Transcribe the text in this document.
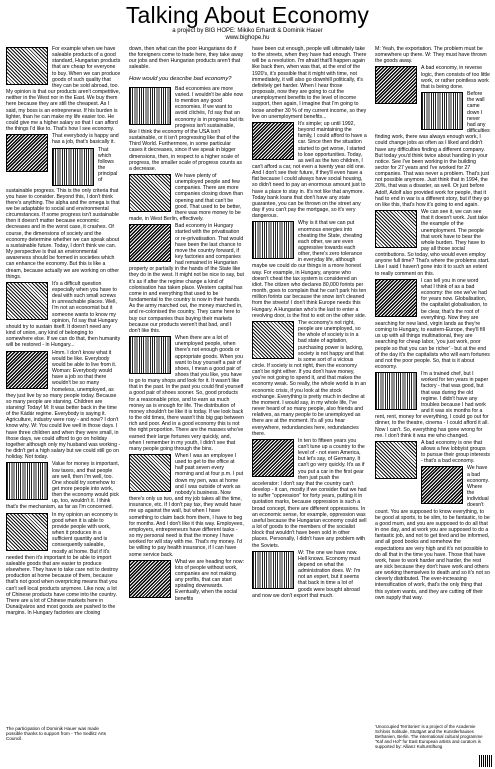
Talking About Economy
a project by BIG HOPE: Mikiko Erhardt & Dominik Hauer
www.bighope.hu

For example when we have saleable products of a good standard, Hungarian products that are cheap for everyone to buy. When we can produce goods of such quality that they can be sold abroad, too. My opinion is that our products aren't competitive, neither in the West nor in the East. We buy them here because they are still the cheapest. As I said, my boss is an entrepreneur. If his burden is lighter, than he can make my life easier too. He could give me a higher salary so that I can afford the things I'd like to. That's how I see economy.

That everybody is happy and has a job, that's basically it.

That which follows the principal of sustainable progress. This is the only criteria that you have to consider. Beyond this, I don't think there's anything. The alpha and the omega is that we be adaptable to social and environmental circumstances. If some progress isn't sustainable then it doesn't matter because economic decreases and in the worst case, it crashes. Of course, the dimensions of society and the economy determine whether we can speak about a sustainable future. Today, I don't think we can. My perspective is that an environmental awareness should be formed in societies which can enhance the economy. But this is like a dream, because actually we are working on other things.

It's a difficult question especially when you have to deal with such small screws in unreachable places. Well, I'm not an economist but it someone wants to know my opinion, I'd say that Hungary should try to sustain itself. It doesn't need any kind of union, any kind of belonging to somewhere else. If we can do that, then humanity will be restored - in Hungary...

Hmm. I don't know what it would be like. Everybody would be able to live from it. Woman: Everybody would have a job so that there wouldn't be so many homeless, unemployed, as they just live by so many people today. Because so many people are starving. Children are starving! Today! M: It was better back in the time of the Kádár regime. Everybody is saying it. Agriculture, industry were rosy - and now? I don't know why. W: You could live well in those days. I have three children and when they were small, in those days, we could afford to go on holiday together although only my husband was working - he didn't get a high salary but we could still go on holiday. Not today.

Value for money is important, low taxes, and that people are well, then I'm well, too. One should try somehow to get more people into work, then the economy would pick up, too, wouldn't it. I think that's the mechanism, as far as I'm concerned.

In my opinion an economy is good when it is able to provide people with work, when it produces in a sufficient quantity and is consequently saleable, mostly at home. But if it's needed then it's important to be able to import saleable goods that are easier to produce elsewhere. They have to take care not to destroy production at home because of them, because that's not good when overpricing means that you can't sell local products anymore. Like now, a lot of Chinese products have come into the country. There are a lot of Chinese markets here in Dunaújváros and most goods are pushed to the margins. In Hungary factories are closing

down, then what can the poor Hungarians do if the foreigners come to trade here, they take away our jobs and then Hungarian products aren't that saleable.

How would you describe bad economy?

Bad economies are more varied. I wouldn't be able now to mention any good economies. If we want to avoid clichés, I'd say that an economy is in progress but its progress isn't sustainable, like I think the economy of the USA isn't sustainable, or it isn't progressing like that of the Third World. Furthermore, in some particular cases it decreases, since if we speak in bigger dimensions, then, in respect to a higher scale of progress, the smaller scale of progress counts as a decrease.

We have plenty of unemployed people and few companies. There are more companies closing down than opening and that can't be good. That used to be better, there was more money to be made, in West Berlin, effectively.

Bad economy in Hungary started with the privatisation or re-privatisation. That would have been the last chance to move the country forward, if key factories and companies had remained in Hungarian property or partially in the hands of the State like they do in the west. It might not be nice to say, but it's as if after the regime change a kind of colonisation has taken place. Western capital has come in and everything that used to be fundamental to the country is now in their hands. As the army marched out, the money marched in, and re-colonised the country. They came here to buy our companies thus buying their markets because our products weren't that bad, and I don't like this.

When there are a lot of unemployed people, when there's not enough goods or appropriate goods. When you want to buy yourself a pair of shoes, I mean a good pair of shoes that you like, you have to go to many shops and look for it. It wasn't like that in the past. In the past you could find yourself a good pair of shoes sooner. So, good products for a reasonable price, and to earn as much money as is enough for life. The distribution of money shouldn't be like it is today. If we look back to the old times, there wasn't this big gap between rich and poor. And in a good economy this is not the right proportion. There are the masses who've earned their large fortunes very quickly, and, when I remember in my youth, I didn't see that many people going through the bins.

When I was an employee I used to get to the office at half past seven every morning and at four p.m. I put down my pen, was at home and I was outside of work as nobody's business. Now there's only us two, and my job takes all the time, insurance, etc. If I don't pay tax, they would have me up against the wall, but when I have something to claim back from them, I have to beg for months. And I don't like it this way. Employees, employers, entrepreneurs have different tasks - so my personal need is that the money I have worked for will stay with me. That's my money. I'd be willing to pay health insurance, if I can have some service back.

What we are heading for now: lots of people without work, companies are not making any profits, that can start spiraling downwards. Eventually, when the social benefits

have been cut enough, people will ultimately take to the streets, when they have had enough. There will be a revolution. I'm afraid that'll happen again like back then, when was that, at the end of the 1920's, it's possible that it might with time, not immediately, it will also go downhill politically, it's definitely get harder. When I hear those proposals, now they are going to cut the unemployment benefits to the level of income support, then again, I imagine that I'm going to loose another 30 % of my current income, so they live on unemployment benefits...

It's simple; up until 1992, beyond maintaining the family, I could afford to have a car. Since then the situation started to get worse, I started to lose opportunities. Today, as well as the two children, I can't afford a car, not even a twenty year old one. And I don't see their future, if they'll even have a flat because I could always have social housing, so didn't need to pay an enormous amount just to have a place to stay in. It's not like that anymore. Today bank loans that don't have any state guarantee, you can be thrown on the street any day if you can't pay the mortgage, so it's very dangerous.

Why is it that we can put enormous energies into cheating the State, cheating each other, we are even aggressive towards each other, there's zero tolerance in everyday life, although maybe we could do our things in a more honest way. For example, in Hungary, anyone who doesn't cheat the tax system is considered an idiot. The citizen who declares 80,000 forints per month, goes to complain that he can't park his ten million forints car because the snow isn't cleaned from the streets! I don't think Europe needs this Hungary. A Hungarian who's the last to enter a revolving door, is the first to exit on the other side.

The economy's not right, people are unemployed, so the whole of society is in a bad state of agitation, purchasing power is lacking, society is not happy and that is some sort of a vicious circle. If society is not right, then the economy can't be right either. If you don't have money, you're not going to spend it, and that makes the economy weak. So really, the whole world is in an economic crisis, if you look at the stock exchange. Everything is pretty much in decline at the moment. I would say, in my whole life, I've never heard of so many people, also friends and relatives, as many people to be unemployed as there are at the moment. It's all you hear everywhere, redundancies here, redundancies there.

In ten to fifteen years you can't tune up a country to the level of - not even America, but let's say, of Germany. It can't go very quickly. It's as if you put a car in the first gear then just push the accelerator: I don't say that the country can't develop - it can, mostly if we consider that we had to suffer "oppression" for forty years, putting it in quotation marks, because oppression is such a broad concept, there are different oppressions. In an economic sense, for example, oppression was useful because the Hungarian economy could sell a lot of goods to the members of the socialist block that wouldn't have been sold in other places. Personally, I didn't have any problem with the Soviets.

W: The one we have now. Hell knows. Economy must depend on what the administration does. W: I'm not an expert, but it seems that back in time a lot of goods were bought abroad and now we don't export that much.

M: Yeah, the exportation. The problem must be somewhere up there. W: They must have thrown the goods away.

A bad economy, in reverse logic, then consists of too little work, or rather pointless work that is being done.

Before the wall came down I never had any difficulties finding work, there was always enough work, I could change jobs as often as I liked and didn't have any difficulties finding a different company. But today you'd think twice about handing in your notice. See I've been working in the building sector for 27 years and I've worked for 27 companies. That was never a problem. That's just not possible anymore. Just think that in 1994, the 20%, that was a disaster, as well. Or just before Adolf, Adolf also provided work for people, that it had to end in war is a different story, but if they go on like this, that's how it's going to end again.

We can see it, we can see that it doesn't work. Just take the example of the unemployment. The people that work have to bear the whole burden. They have to pay all those social contributions. So today, who would even employ anyone full time? That's where the problems start. Like I said I haven't gone into it to such an extent to really comment on this.

I can tell you in one word what I think of as a bad economy: the one we've had for years now. Globalisation, the capitalist globalisation, to be clear, that's the root of everything. Now they are searching for new land, virgin lands as they're coming to Hungary, to eastern-Europe, they'll fill us up with all things multinational, they are searching for cheap labor, 'you just work, poor people so that you can be richer' - but at the end of the day it's the capitalists who will earn fortunes and not the poor people. So, that is it about economy.

I'm a trained chef, but I worked for ten years in paper factory - that was good, but that was during the old regime. I didn't have any troubles because I had work and it was six months for a rent, rent, money for everything, I could go out for dinner, to the theatre, cinema - I could afford it all. Now I can't. So, everything has gone wrong for me. I don't think it was me who changed.

A bad economy is one that allows a few lobbyist groups to pursue their group interests - that's a bad economy.

We have a bad economy. Where the individual doesn't count. You are supposed to know everything, to be good at sports, to be slim, to be fantastic, to be a good mum, and you are supposed to do all that in one day, and at work you are supposed to do a fantastic job, and not to get tired and be informed, and all good books and somehow the expectations are very high and it's not possible to do all that in the time you have. Those that have work, have to work harder and harder, the rest are sick because they don't have work and others are working themselves to death and so it's not so cleverly distributed. The ever-increasing intensification of work, that's the only thing that this system wants, and they are cutting off their own supply that way.

The participation of Dominik Hauer was made possible thanks to support from - The Sedlitz Arts Council.
'Unoccupied Territories' is a project of the Academie Schloss Solitude, Stuttgart and the Kunstlerhauses Bethanien, Berlin. The international cultural programme "Kaf and Hof" for East European artists and curators is supported by: Allianz Kulturstiftung
